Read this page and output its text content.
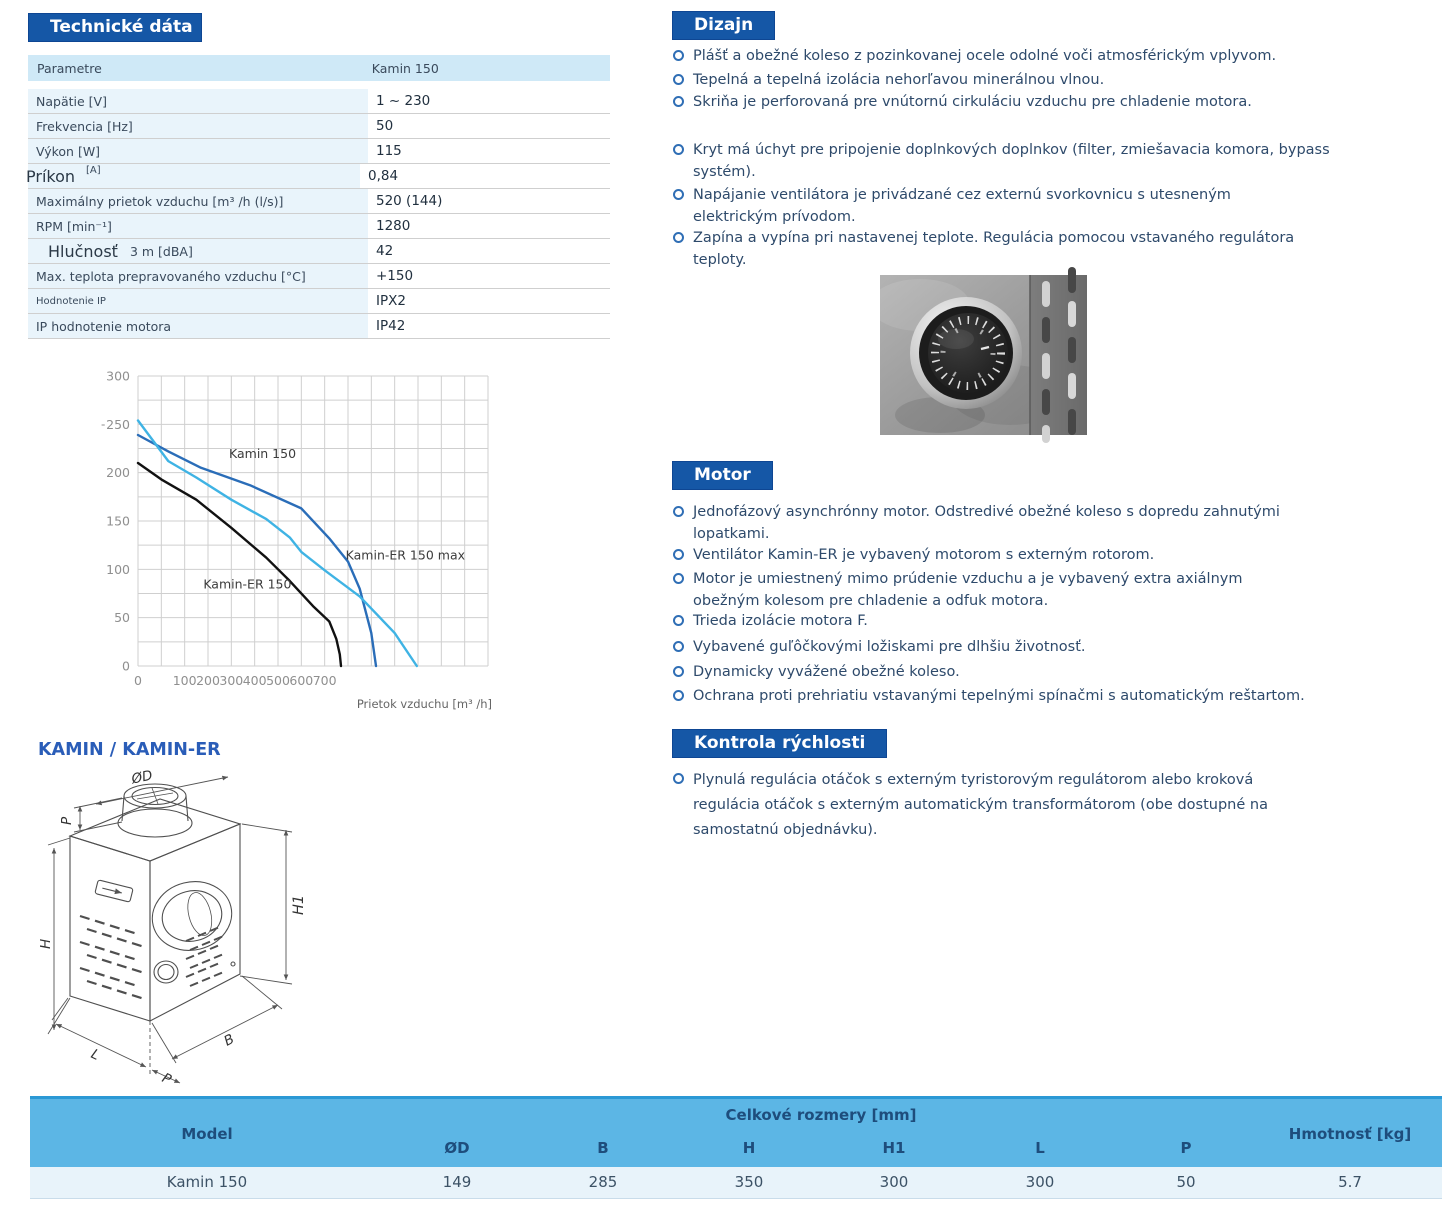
Technické dáta
Parametre	Kamin 150
Napätie [V]	1 ~ 230
Frekvencia [Hz]	50
Výkon [W]	115
Príkon [A]	0,84
Maximálny prietok vzduchu [m³ /h (l/s)]	520 (144)
RPM [min⁻¹]	1280
Hlučnosť 3 m [dBA]	42
Max. teplota prepravovaného vzduchu [°C]	+150
Hodnotenie IP	IPX2
IP hodnotenie motora	IP42
0
50
100
150
200
250
300
0 100 200 300 400 500 600 700
-
Kamin 150
Kamin-ER 150 max
Kamin-ER 150
Prietok vzduchu [m³ /h]
KAMIN / KAMIN-ER
ØD
P
H
H1
B
L
P
Dizajn
Plášť a obežné koleso z pozinkovanej ocele odolné voči atmosférickým vplyvom.
Tepelná a tepelná izolácia nehorľavou minerálnou vlnou.
Skriňa je perforovaná pre vnútornú cirkuláciu vzduchu pre chladenie motora.
Kryt má úchyt pre pripojenie doplnkových doplnkov (filter, zmiešavacia komora, bypass systém).
Napájanie ventilátora je privádzané cez externú svorkovnicu s utesneným elektrickým prívodom.
Zapína a vypína pri nastavenej teplote. Regulácia pomocou vstavaného regulátora teploty.
Motor
Jednofázový asynchrónny motor. Odstredivé obežné koleso s dopredu zahnutými lopatkami.
Ventilátor Kamin-ER je vybavený motorom s externým rotorom.
Motor je umiestnený mimo prúdenie vzduchu a je vybavený extra axiálnym obežným kolesom pre chladenie a odfuk motora.
Trieda izolácie motora F.
Vybavené guľôčkovými ložiskami pre dlhšiu životnosť.
Dynamicky vyvážené obežné koleso.
Ochrana proti prehriatiu vstavanými tepelnými spínačmi s automatickým reštartom.
Kontrola rýchlosti
Plynulá regulácia otáčok s externým tyristorovým regulátorom alebo kroková regulácia otáčok s externým automatickým transformátorom (obe dostupné na samostatnú objednávku).
Model
Celkové rozmery [mm]
ØD	B	H	H1	L	P
Hmotnosť [kg]
Kamin 150	149	285	350	300	300	50	5.7
